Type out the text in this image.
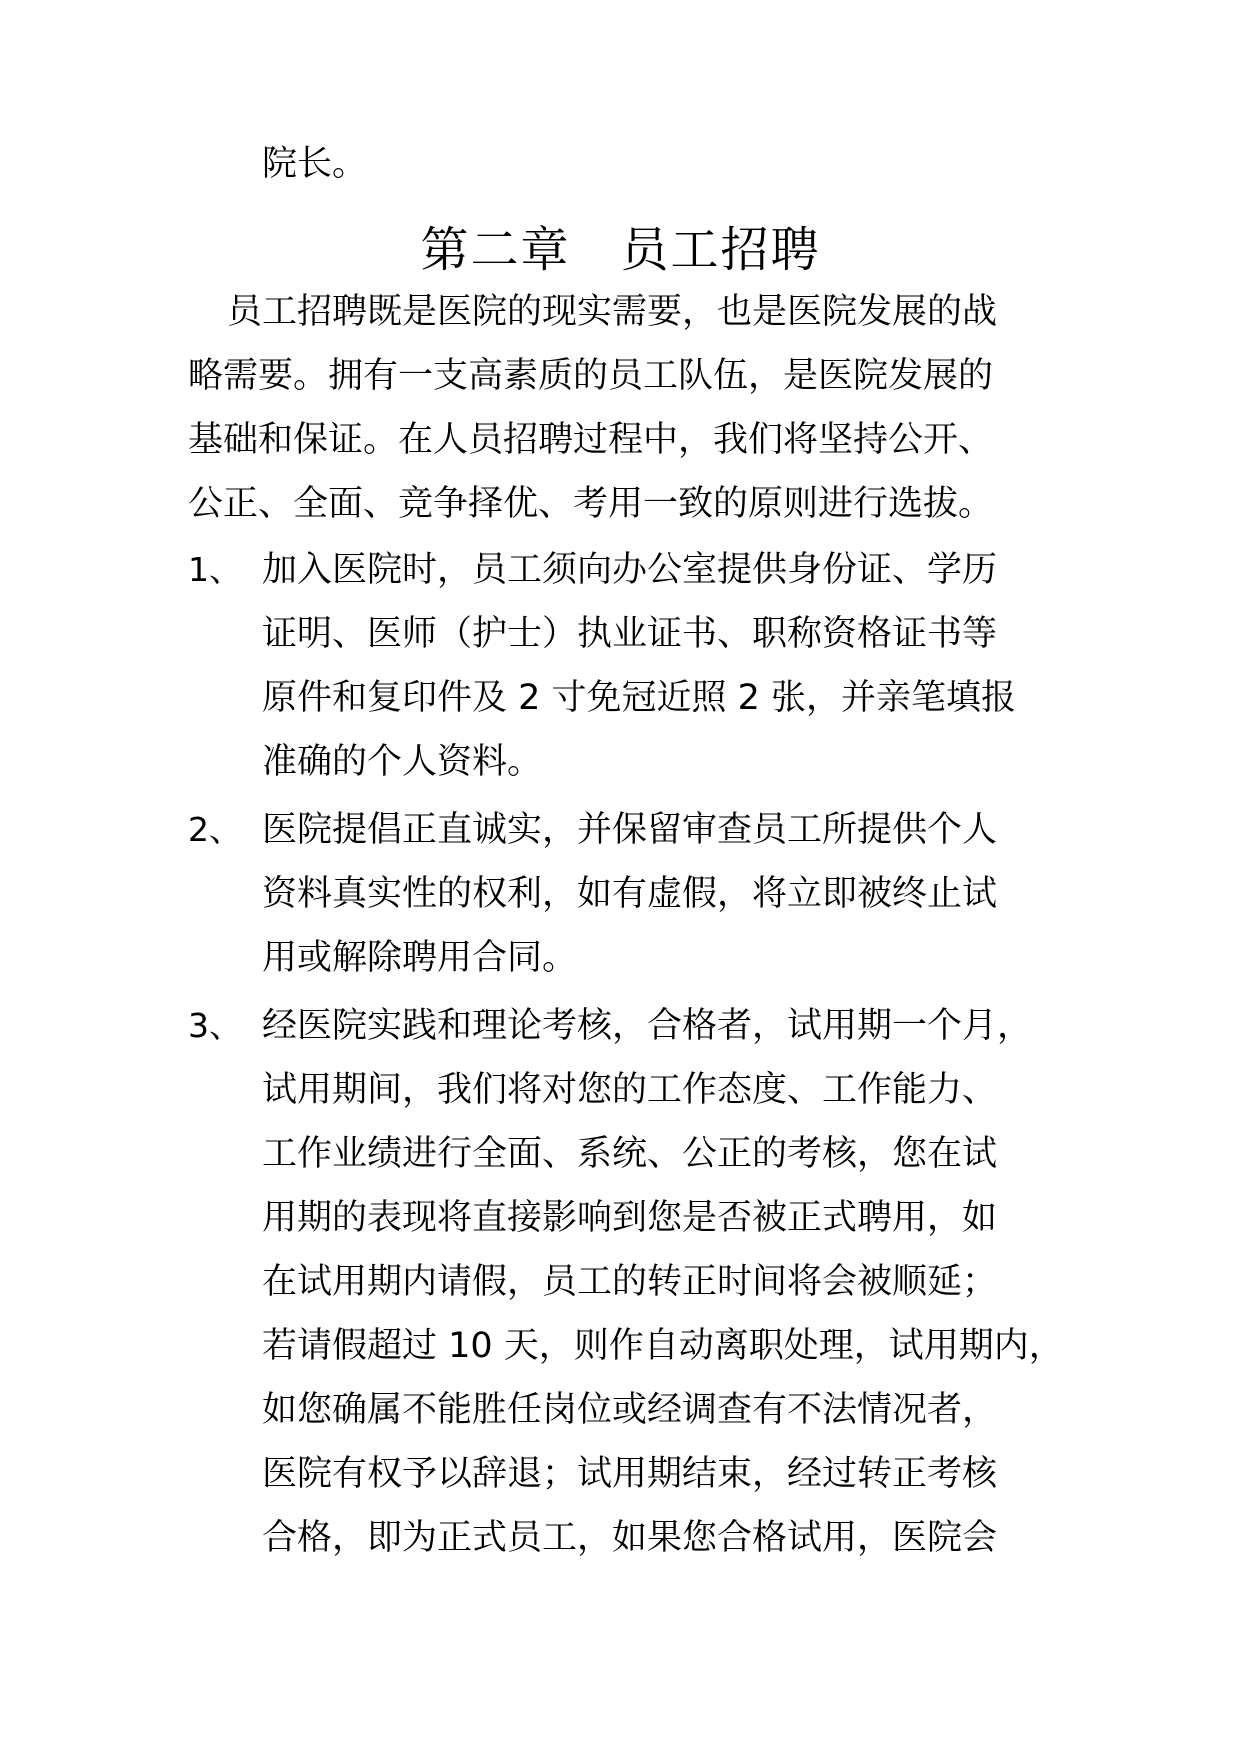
院长。
第二章　员工招聘
员工招聘既是医院的现实需要，也是医院发展的战
略需要。拥有一支高素质的员工队伍，是医院发展的
基础和保证。在人员招聘过程中，我们将坚持公开、
公正、全面、竞争择优、考用一致的原则进行选拔。
1、 加入医院时，员工须向办公室提供身份证、学历
证明、医师（护士）执业证书、职称资格证书等
原件和复印件及 2 寸免冠近照 2 张，并亲笔填报
准确的个人资料。
2、 医院提倡正直诚实，并保留审查员工所提供个人
资料真实性的权利，如有虚假，将立即被终止试
用或解除聘用合同。
3、 经医院实践和理论考核，合格者，试用期一个月，
试用期间，我们将对您的工作态度、工作能力、
工作业绩进行全面、系统、公正的考核，您在试
用期的表现将直接影响到您是否被正式聘用，如
在试用期内请假，员工的转正时间将会被顺延；
若请假超过 10 天，则作自动离职处理，试用期内，
如您确属不能胜任岗位或经调查有不法情况者，
医院有权予以辞退；试用期结束，经过转正考核
合格，即为正式员工，如果您合格试用，医院会
